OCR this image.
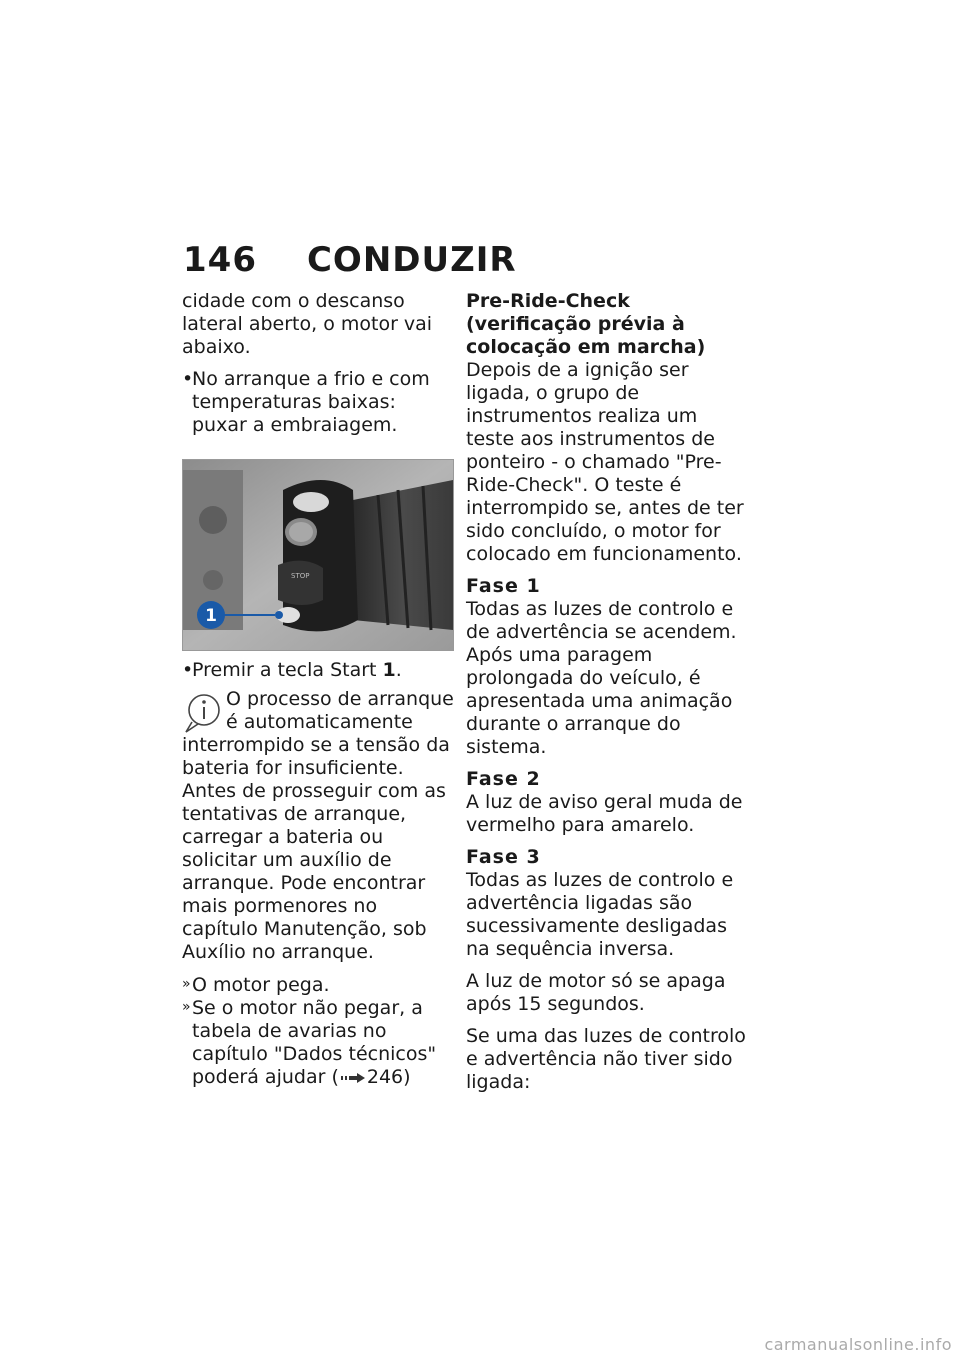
146 CONDUZIR

cidade com o descanso lateral aberto, o motor vai abaixo.

•
No arranque a frio e com temperaturas baixas: puxar a embraiagem.
STOP
1
•
Premir a tecla Start 1.
O processo de arranque é automaticamente interrompido se a tensão da bateria for insuficiente. Antes de prosseguir com as tentativas de arranque, carregar a bateria ou solicitar um auxílio de arranque. Pode encontrar mais pormenores no capítulo Manutenção, sob Auxílio no arranque.
» O motor pega.
» Se o motor não pegar, a tabela de avarias no capítulo "Dados técnicos" poderá ajudar ( 246)

Pre-Ride-Check (verificação prévia à colocação em marcha)

Depois de a ignição ser ligada, o grupo de instrumentos realiza um teste aos instrumentos de ponteiro - o chamado "Pre-Ride-Check". O teste é interrompido se, antes de ter sido concluído, o motor for colocado em funcionamento.

Fase 1

Todas as luzes de controlo e de advertência se acendem.

Após uma paragem prolongada do veículo, é apresentada uma animação durante o arranque do sistema.

Fase 2

A luz de aviso geral muda de vermelho para amarelo.

Fase 3

Todas as luzes de controlo e advertência ligadas são sucessivamente desligadas na sequência inversa.

A luz de motor só se apaga após 15 segundos.

Se uma das luzes de controlo e advertência não tiver sido ligada:

carmanualsonline.info
